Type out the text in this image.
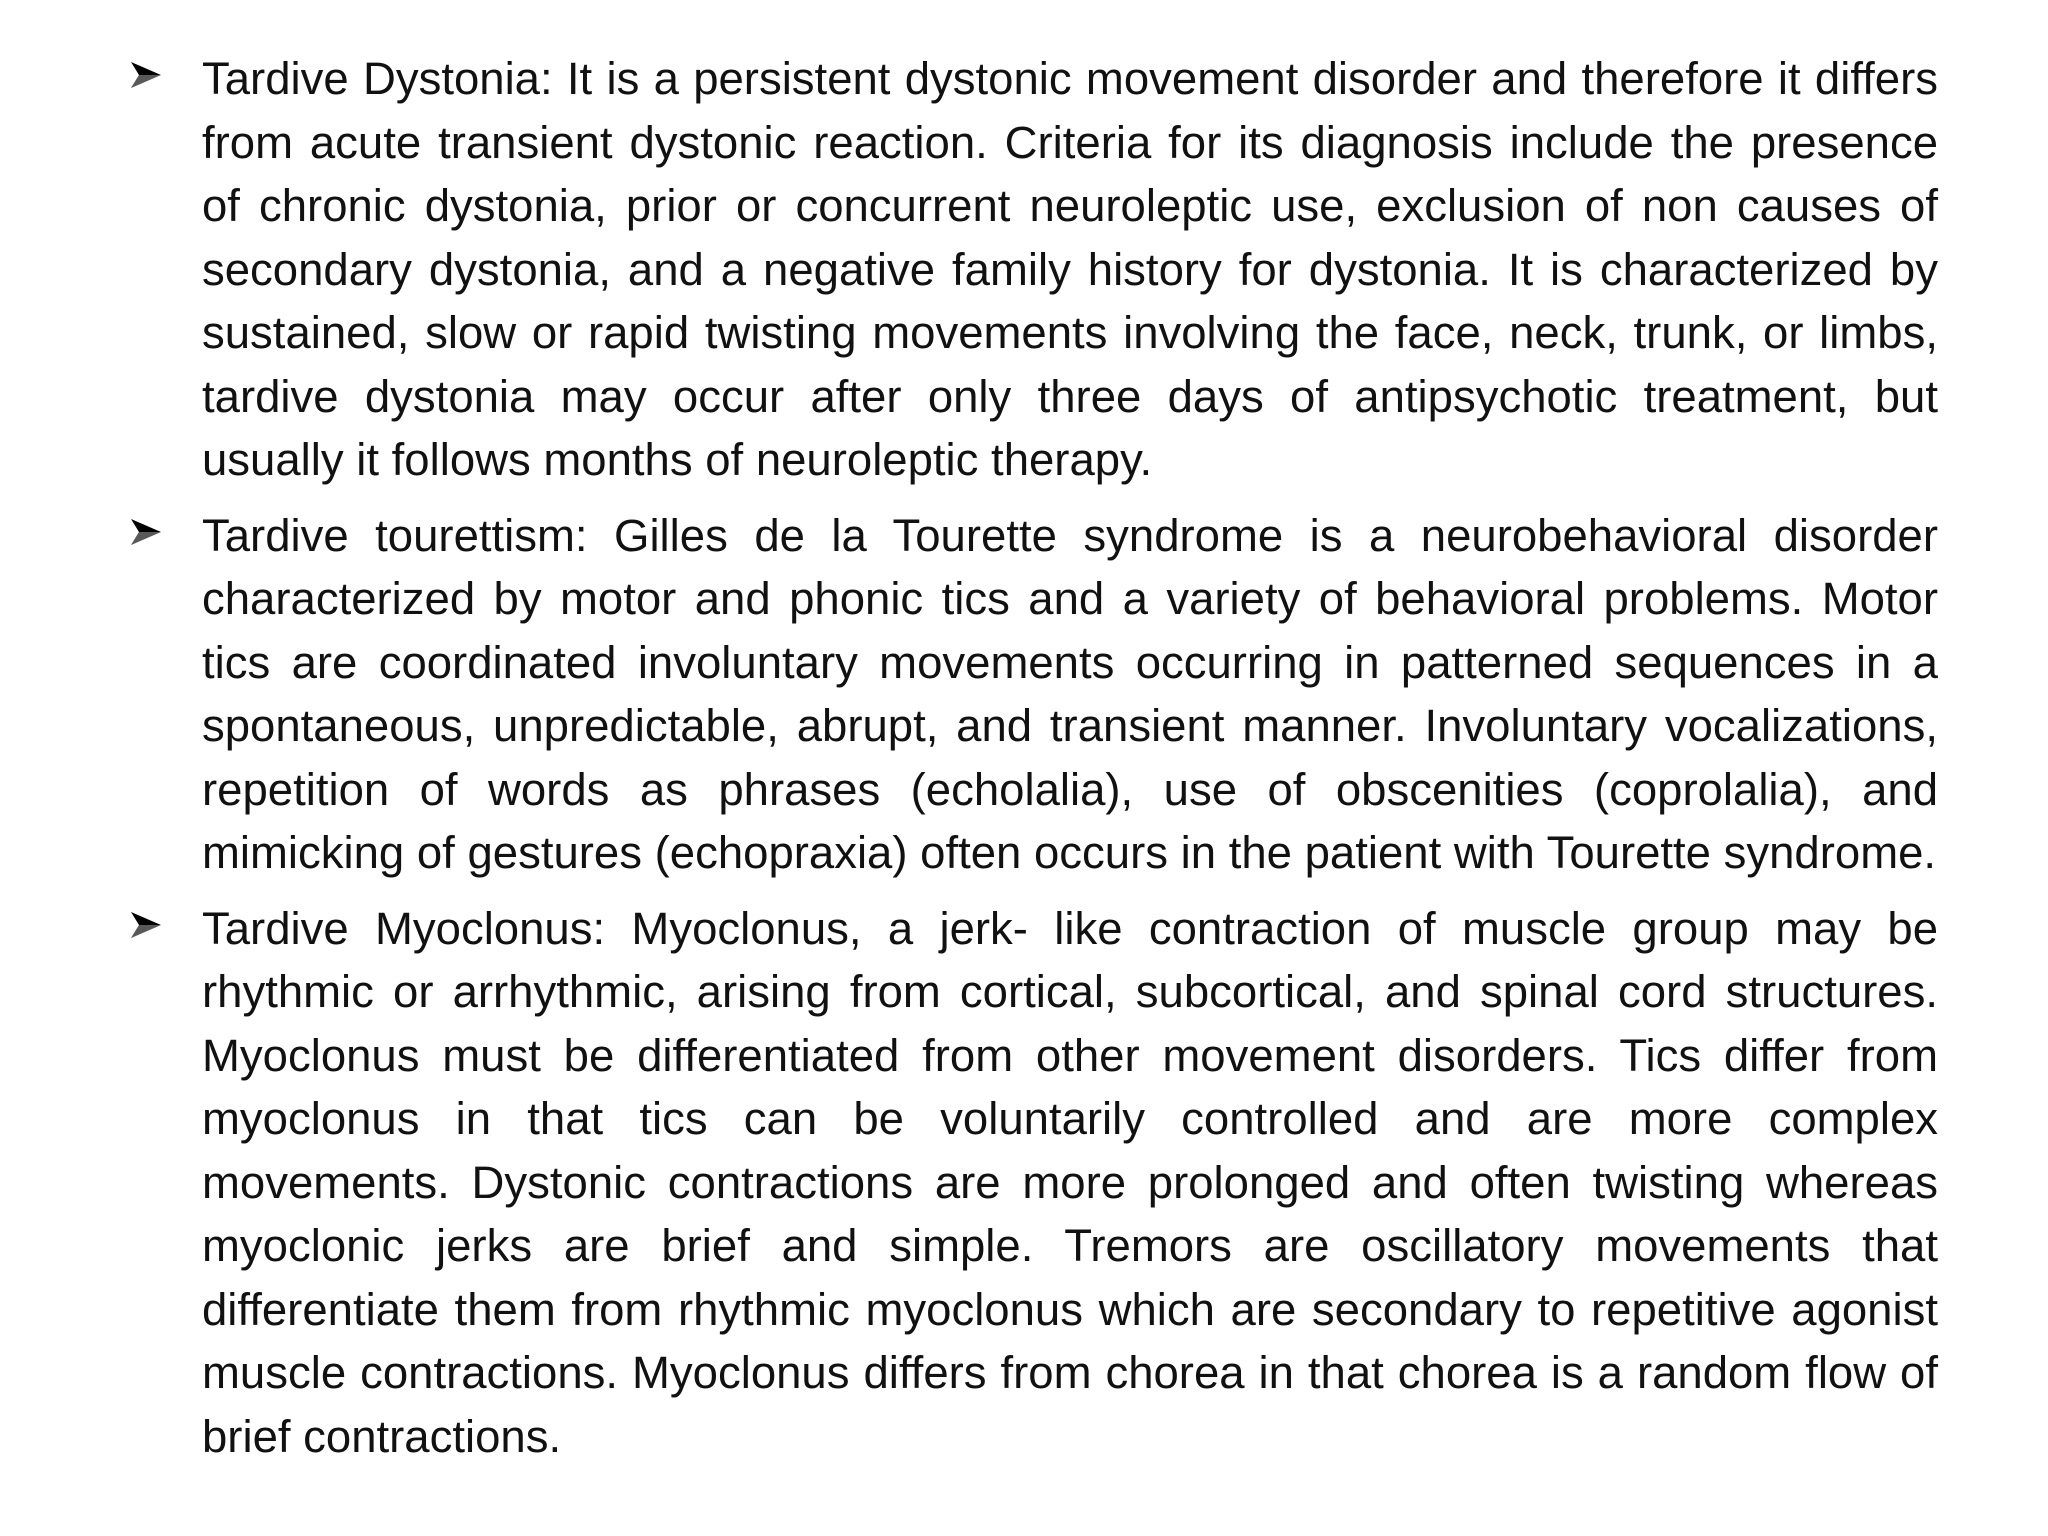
Tardive Dystonia: It is a persistent dystonic movement disorder and therefore it differs from acute transient dystonic reaction. Criteria for its diagnosis include the presence of chronic dystonia, prior or concurrent neuroleptic use, exclusion of non causes of secondary dystonia, and a negative family history for dystonia. It is characterized by sustained, slow or rapid twisting movements involving the face, neck, trunk, or limbs, tardive dystonia may occur after only three days of antipsychotic treatment, but usually it follows months of neuroleptic therapy.

Tardive tourettism: Gilles de la Tourette syndrome is a neurobehavioral disorder characterized by motor and phonic tics and a variety of behavioral problems. Motor tics are coordinated involuntary movements occurring in patterned sequences in a spontaneous, unpredictable, abrupt, and transient manner. Involuntary vocalizations, repetition of words as phrases (echolalia), use of obscenities (coprolalia), and mimicking of gestures (echopraxia) often occurs in the patient with Tourette syndrome.

Tardive Myoclonus: Myoclonus, a jerk- like contraction of muscle group may be rhythmic or arrhythmic, arising from cortical, subcortical, and spinal cord structures. Myoclonus must be differentiated from other movement disorders. Tics differ from myoclonus in that tics can be voluntarily controlled and are more complex movements. Dystonic contractions are more prolonged and often twisting whereas myoclonic jerks are brief and simple. Tremors are oscillatory movements that differentiate them from rhythmic myoclonus which are secondary to repetitive agonist muscle contractions. Myoclonus differs from chorea in that chorea is a random flow of brief contractions.
